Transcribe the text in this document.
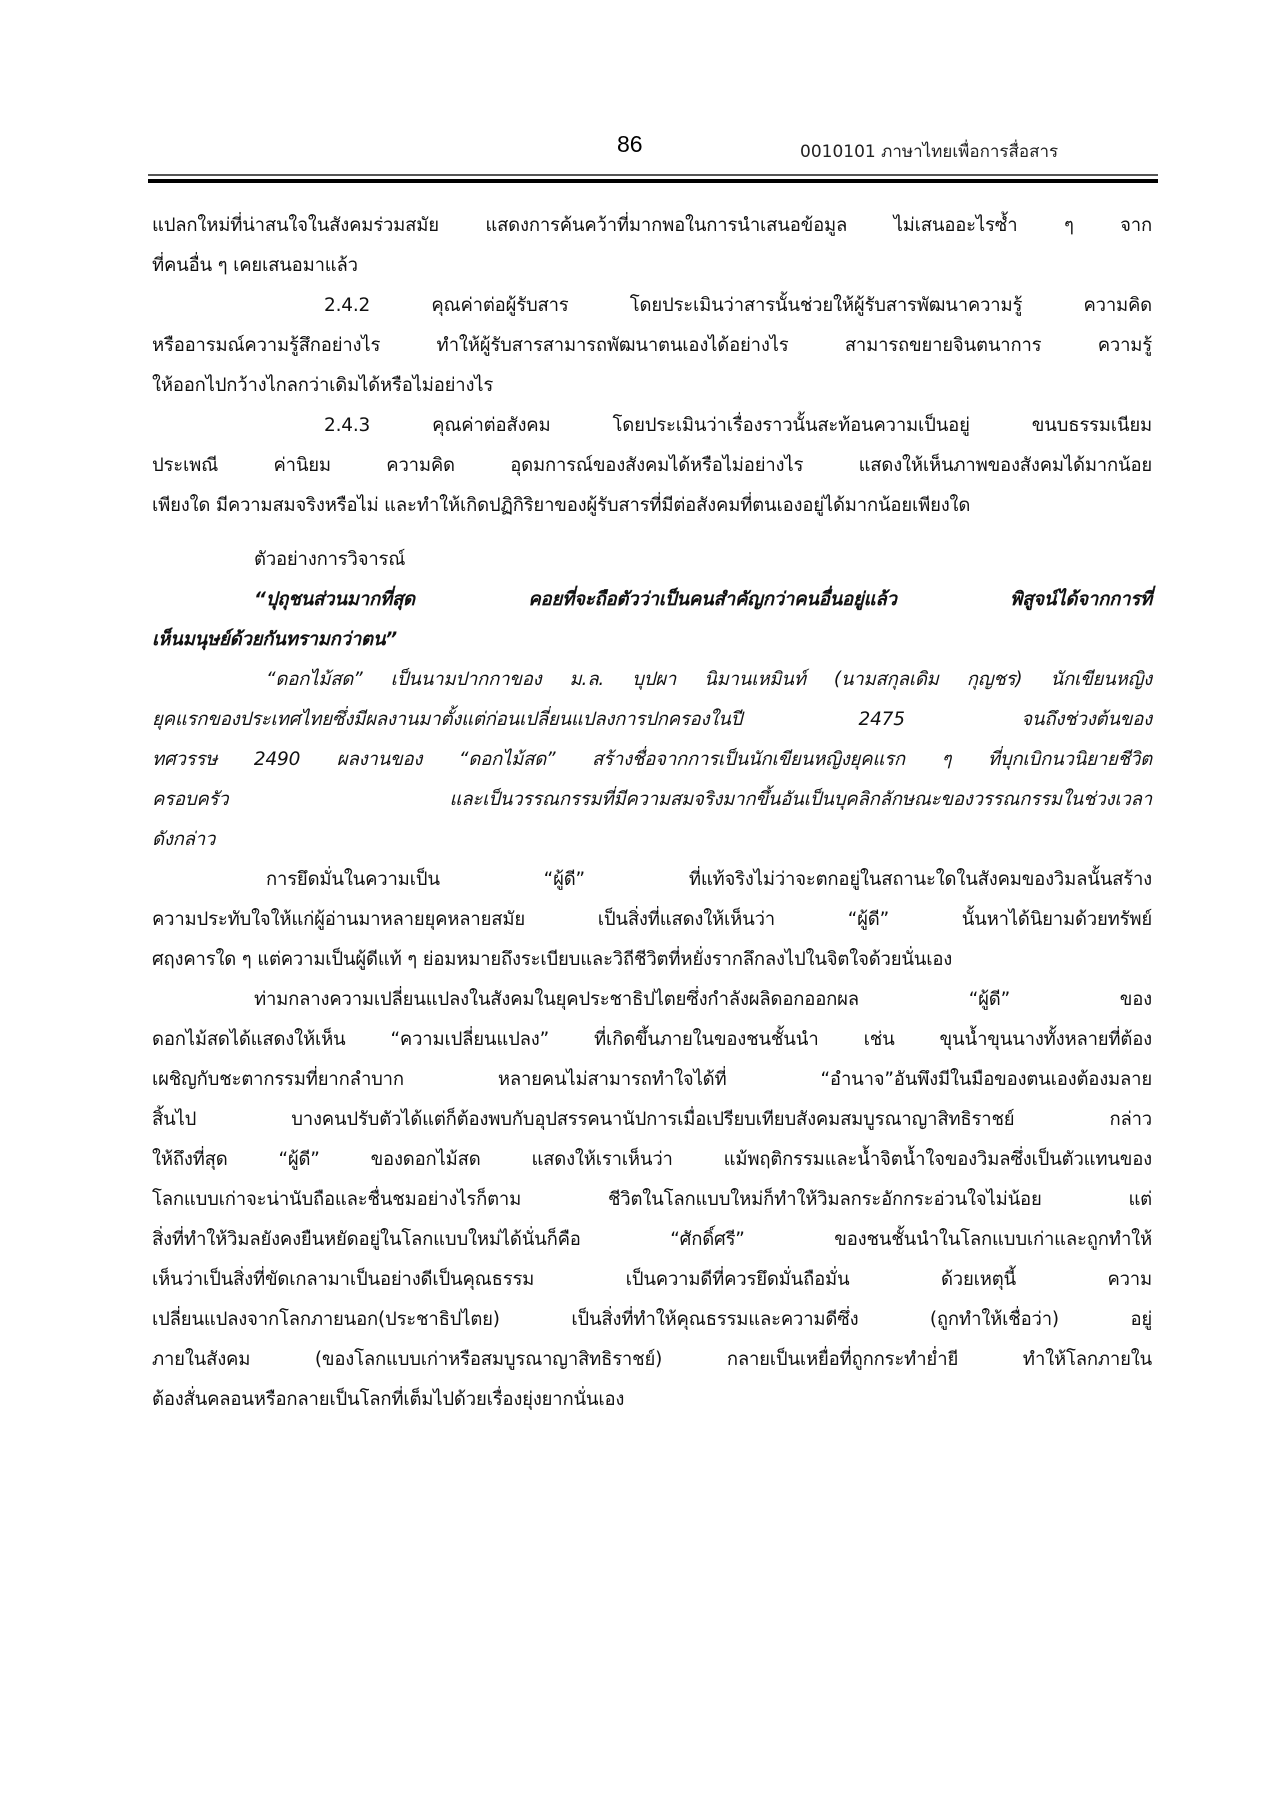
86	0010101 ภาษาไทยเพื่อการสื่อสาร
แปลกใหม่ที่น่าสนใจในสังคมร่วมสมัย แสดงการค้นคว้าที่มากพอในการนำเสนอข้อมูล ไม่เสนออะไรซ้ำ ๆ จาก
ที่คนอื่น ๆ เคยเสนอมาแล้ว
2.4.2 คุณค่าต่อผู้รับสาร โดยประเมินว่าสารนั้นช่วยให้ผู้รับสารพัฒนาความรู้ ความคิด
หรืออารมณ์ความรู้สึกอย่างไร ทำให้ผู้รับสารสามารถพัฒนาตนเองได้อย่างไร สามารถขยายจินตนาการ ความรู้
ให้ออกไปกว้างไกลกว่าเดิมได้หรือไม่อย่างไร
2.4.3 คุณค่าต่อสังคม โดยประเมินว่าเรื่องราวนั้นสะท้อนความเป็นอยู่ ขนบธรรมเนียม
ประเพณี ค่านิยม ความคิด อุดมการณ์ของสังคมได้หรือไม่อย่างไร แสดงให้เห็นภาพของสังคมได้มากน้อย
เพียงใด มีความสมจริงหรือไม่ และทำให้เกิดปฏิกิริยาของผู้รับสารที่มีต่อสังคมที่ตนเองอยู่ได้มากน้อยเพียงใด
ตัวอย่างการวิจารณ์
“ปุถุชนส่วนมากที่สุด คอยที่จะถือตัวว่าเป็นคนสำคัญกว่าคนอื่นอยู่แล้ว พิสูจน์ได้จากการที่
เห็นมนุษย์ด้วยกันทรามกว่าตน”
“ดอกไม้สด” เป็นนามปากกาของ ม.ล. บุปผา นิมานเหมินท์ (นามสกุลเดิม กุญชร) นักเขียนหญิง
ยุคแรกของประเทศไทยซึ่งมีผลงานมาตั้งแต่ก่อนเปลี่ยนแปลงการปกครองในปี 2475 จนถึงช่วงต้นของ
ทศวรรษ 2490 ผลงานของ “ดอกไม้สด” สร้างชื่อจากการเป็นนักเขียนหญิงยุคแรก ๆ ที่บุกเบิกนวนิยายชีวิต
ครอบครัว และเป็นวรรณกรรมที่มีความสมจริงมากขึ้นอันเป็นบุคลิกลักษณะของวรรณกรรมในช่วงเวลา
ดังกล่าว
การยึดมั่นในความเป็น “ผู้ดี” ที่แท้จริงไม่ว่าจะตกอยู่ในสถานะใดในสังคมของวิมลนั้นสร้าง
ความประทับใจให้แก่ผู้อ่านมาหลายยุคหลายสมัย เป็นสิ่งที่แสดงให้เห็นว่า “ผู้ดี” นั้นหาได้นิยามด้วยทรัพย์
ศฤงคารใด ๆ แต่ความเป็นผู้ดีแท้ ๆ ย่อมหมายถึงระเบียบและวิถีชีวิตที่หยั่งรากลึกลงไปในจิตใจด้วยนั่นเอง
ท่ามกลางความเปลี่ยนแปลงในสังคมในยุคประชาธิปไตยซึ่งกำลังผลิดอกออกผล “ผู้ดี” ของ
ดอกไม้สดได้แสดงให้เห็น “ความเปลี่ยนแปลง” ที่เกิดขึ้นภายในของชนชั้นนำ เช่น ขุนน้ำขุนนางทั้งหลายที่ต้อง
เผชิญกับชะตากรรมที่ยากลำบาก หลายคนไม่สามารถทำใจได้ที่ “อำนาจ”อันพึงมีในมือของตนเองต้องมลาย
สิ้นไป บางคนปรับตัวได้แต่ก็ต้องพบกับอุปสรรคนานัปการเมื่อเปรียบเทียบสังคมสมบูรณาญาสิทธิราชย์ กล่าว
ให้ถึงที่สุด “ผู้ดี” ของดอกไม้สด แสดงให้เราเห็นว่า แม้พฤติกรรมและน้ำจิตน้ำใจของวิมลซึ่งเป็นตัวแทนของ
โลกแบบเก่าจะน่านับถือและชื่นชมอย่างไรก็ตาม ชีวิตในโลกแบบใหม่ก็ทำให้วิมลกระอักกระอ่วนใจไม่น้อย แต่
สิ่งที่ทำให้วิมลยังคงยืนหยัดอยู่ในโลกแบบใหม่ได้นั่นก็คือ “ศักดิ์ศรี” ของชนชั้นนำในโลกแบบเก่าและถูกทำให้
เห็นว่าเป็นสิ่งที่ขัดเกลามาเป็นอย่างดีเป็นคุณธรรม เป็นความดีที่ควรยึดมั่นถือมั่น ด้วยเหตุนี้ ความ
เปลี่ยนแปลงจากโลกภายนอก(ประชาธิปไตย) เป็นสิ่งที่ทำให้คุณธรรมและความดีซึ่ง (ถูกทำให้เชื่อว่า) อยู่
ภายในสังคม (ของโลกแบบเก่าหรือสมบูรณาญาสิทธิราชย์) กลายเป็นเหยื่อที่ถูกกระทำย่ำยี ทำให้โลกภายใน
ต้องสั่นคลอนหรือกลายเป็นโลกที่เต็มไปด้วยเรื่องยุ่งยากนั่นเอง
